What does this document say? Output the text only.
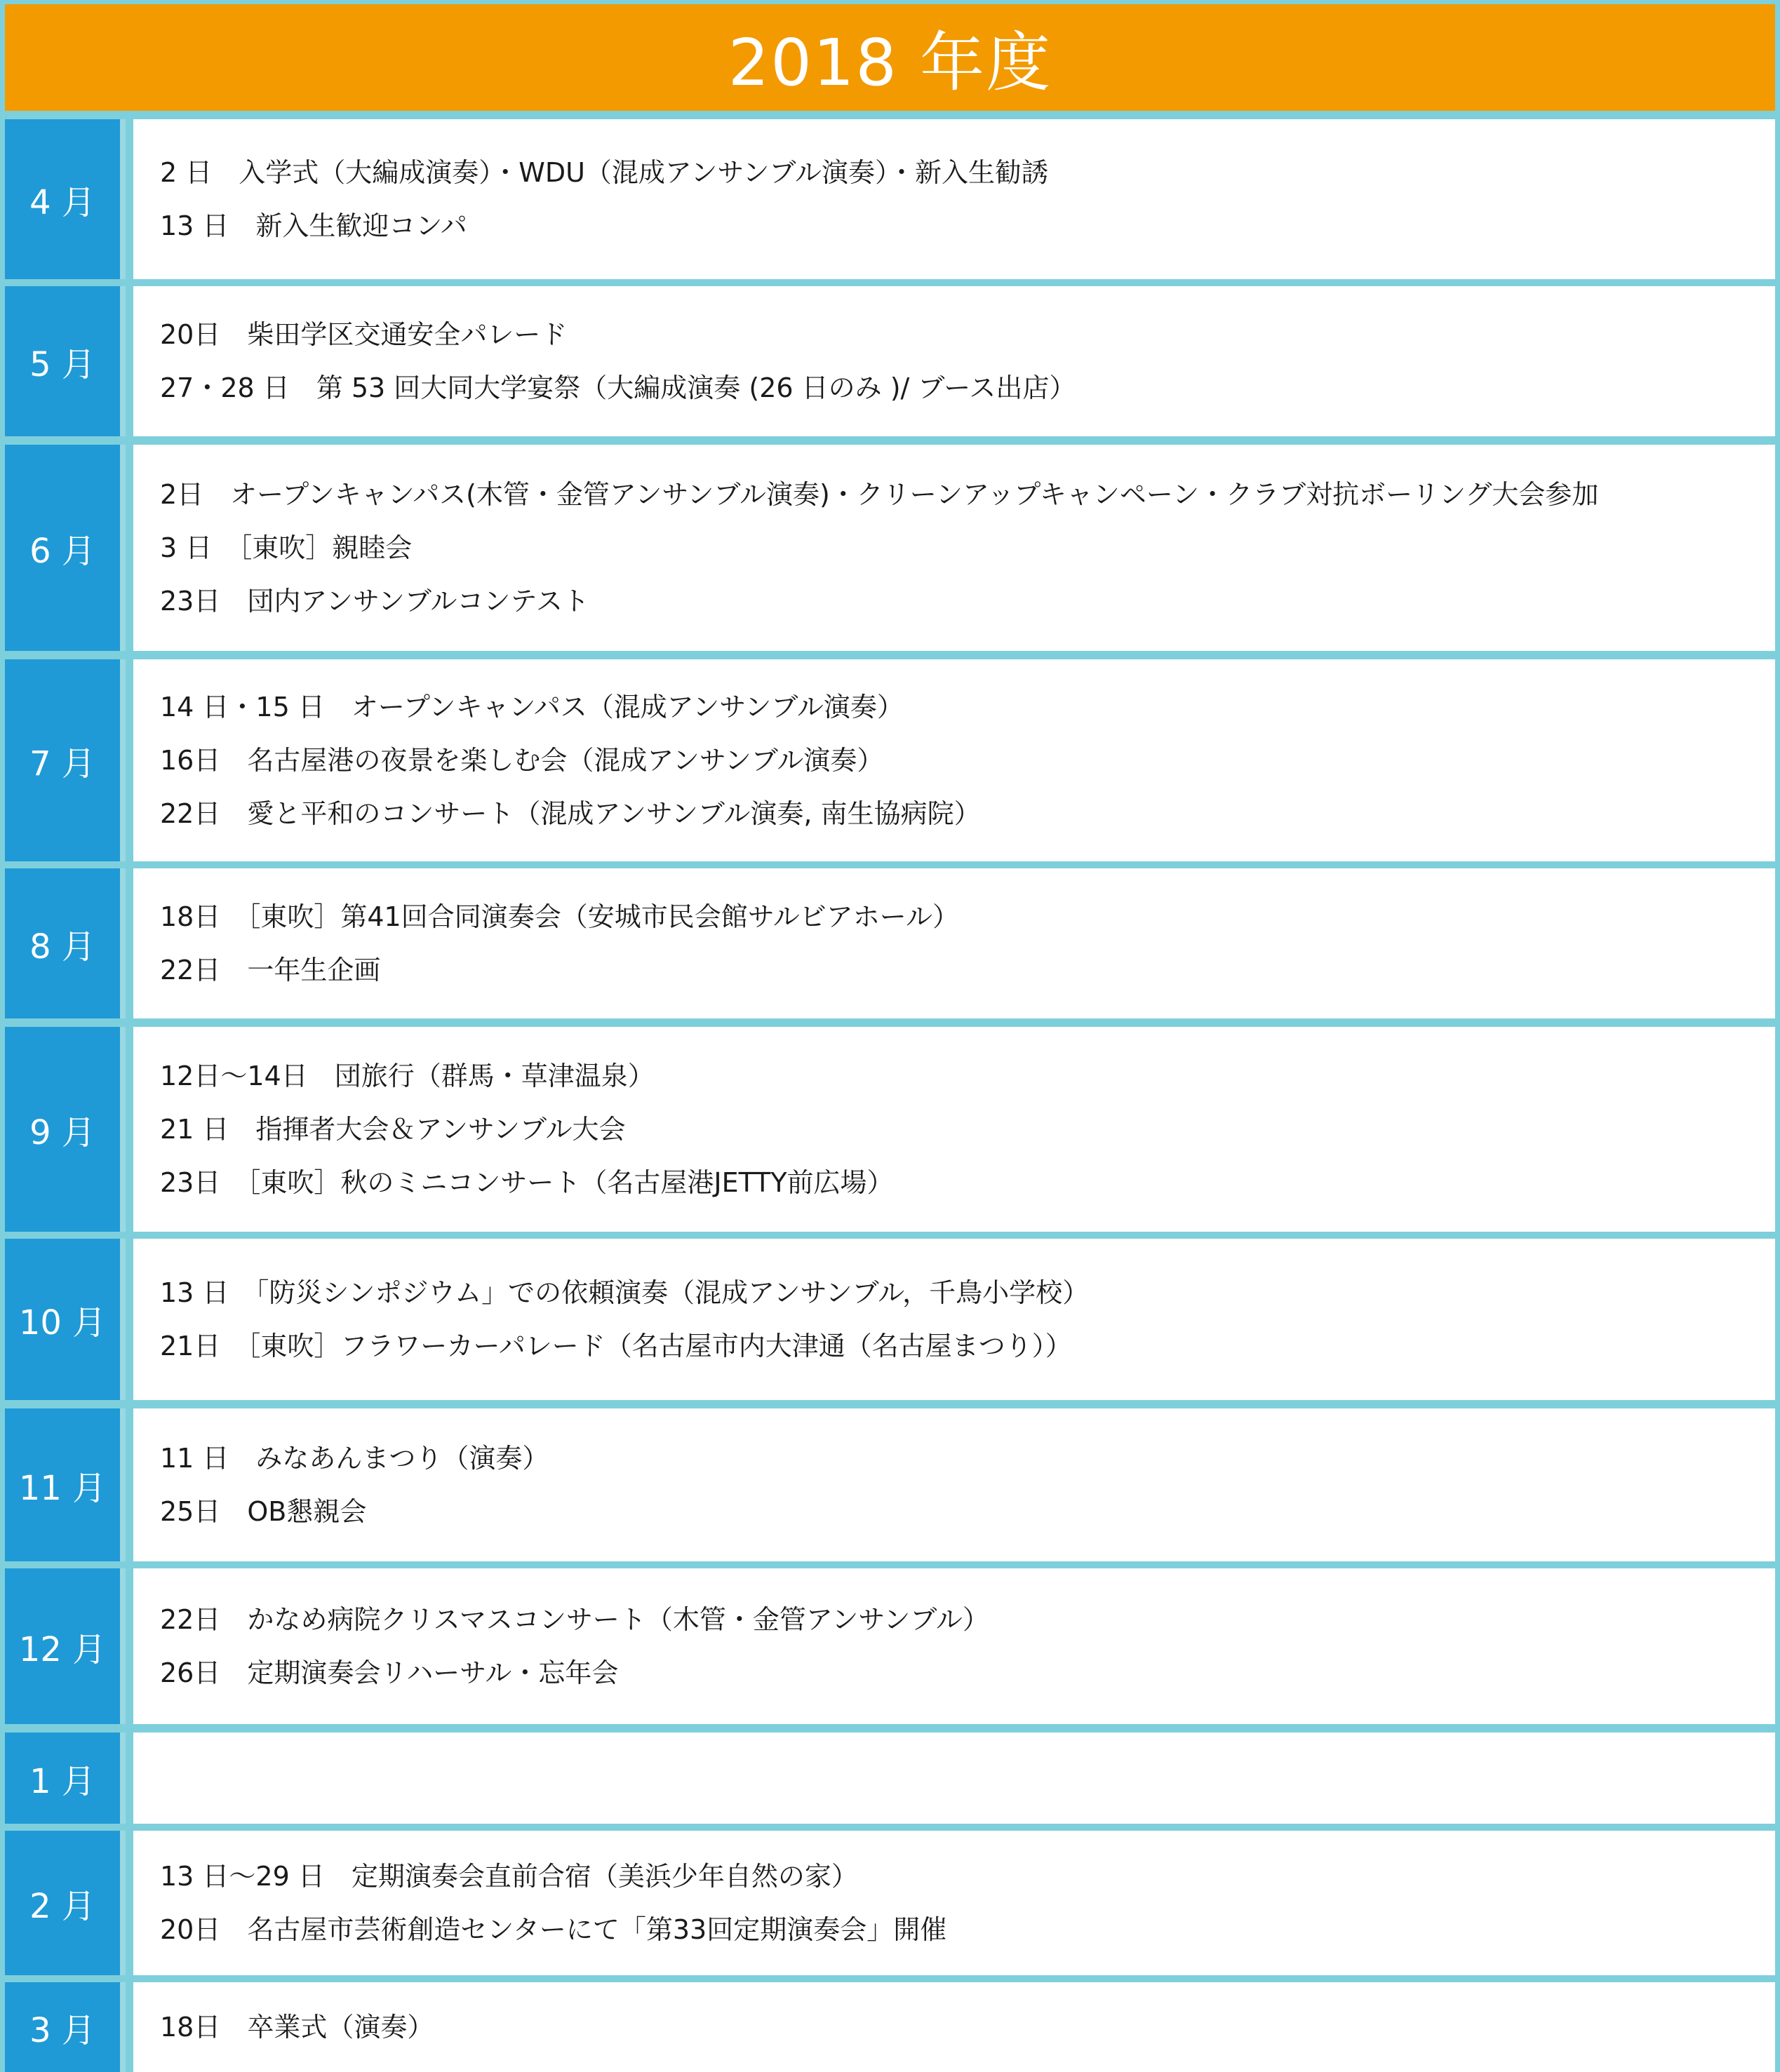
2018 年度
4 月
2 日　入学式（大編成演奏）・WDU（混成アンサンブル演奏）・新入生勧誘
13 日　新入生歓迎コンパ
5 月
20日　柴田学区交通安全パレード
27・28 日　第 53 回大同大学宴祭（大編成演奏 (26 日のみ )/ ブース出店）
6 月
2日　オープンキャンパス(木管・金管アンサンブル演奏)・クリーンアップキャンペーン・クラブ対抗ボーリング大会参加
3 日　［東吹］親睦会
23日　団内アンサンブルコンテスト
7 月
14 日・15 日　オープンキャンパス（混成アンサンブル演奏）
16日　名古屋港の夜景を楽しむ会（混成アンサンブル演奏）
22日　愛と平和のコンサート（混成アンサンブル演奏, 南生協病院）
8 月
18日　［東吹］第41回合同演奏会（安城市民会館サルビアホール）
22日　一年生企画
9 月
12日〜14日　団旅行（群馬・草津温泉）
21 日　指揮者大会＆アンサンブル大会
23日　［東吹］秋のミニコンサート（名古屋港JETTY前広場）
10 月
13 日　「防災シンポジウム」での依頼演奏（混成アンサンブル，千鳥小学校）
21日　［東吹］フラワーカーパレード（名古屋市内大津通（名古屋まつり））
11 月
11 日　みなあんまつり（演奏）
25日　OB懇親会
12 月
22日　かなめ病院クリスマスコンサート（木管・金管アンサンブル）
26日　定期演奏会リハーサル・忘年会
1 月
2 月
13 日〜29 日　定期演奏会直前合宿（美浜少年自然の家）
20日　名古屋市芸術創造センターにて「第33回定期演奏会」開催
3 月 18日　卒業式（演奏）
